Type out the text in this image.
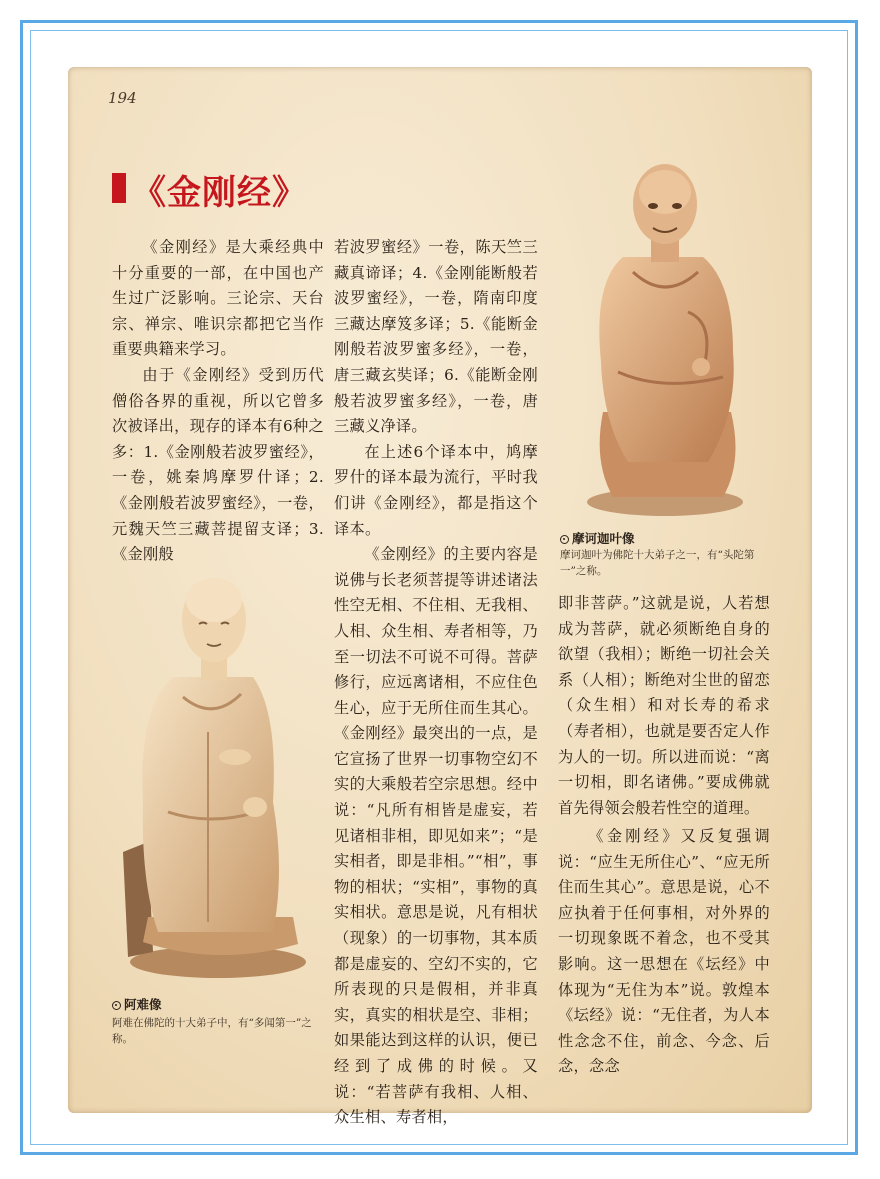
194
《金刚经》

《金刚经》是大乘经典中十分重要的一部，在中国也产生过广泛影响。三论宗、天台宗、禅宗、唯识宗都把它当作重要典籍来学习。

由于《金刚经》受到历代僧俗各界的重视，所以它曾多次被译出，现存的译本有6种之多：1.《金刚般若波罗蜜经》，一卷，姚秦鸠摩罗什译；2.《金刚般若波罗蜜经》，一卷，元魏天竺三藏菩提留支译；3.《金刚般

若波罗蜜经》一卷，陈天竺三藏真谛译；4.《金刚能断般若波罗蜜经》，一卷，隋南印度三藏达摩笈多译；5.《能断金刚般若波罗蜜多经》，一卷，唐三藏玄奘译；6.《能断金刚般若波罗蜜多经》，一卷，唐三藏义净译。

在上述6个译本中，鸠摩罗什的译本最为流行，平时我们讲《金刚经》，都是指这个译本。

《金刚经》的主要内容是说佛与长老须菩提等讲述诸法性空无相、不住相、无我相、人相、众生相、寿者相等，乃至一切法不可说不可得。菩萨修行，应远离诸相，不应住色生心，应于无所住而生其心。《金刚经》最突出的一点，是它宣扬了世界一切事物空幻不实的大乘般若空宗思想。经中说：“凡所有相皆是虚妄，若见诸相非相，即见如来”；“是实相者，即是非相。”“相”，事物的相状；“实相”，事物的真实相状。意思是说，凡有相状（现象）的一切事物，其本质都是虚妄的、空幻不实的，它所表现的只是假相，并非真实，真实的相状是空、非相；如果能达到这样的认识，便已经到了成佛的时候。又说：“若菩萨有我相、人相、众生相、寿者相，

即非菩萨。”这就是说，人若想成为菩萨，就必须断绝自身的欲望（我相）；断绝一切社会关系（人相）；断绝对尘世的留恋（众生相）和对长寿的希求（寿者相），也就是要否定人作为人的一切。所以进而说：“离一切相，即名诸佛。”要成佛就首先得领会般若性空的道理。

《金刚经》又反复强调说：“应生无所住心”、“应无所住而生其心”。意思是说，心不应执着于任何事相，对外界的一切现象既不着念，也不受其影响。这一思想在《坛经》中体现为“无住为本”说。敦煌本《坛经》说：“无住者，为人本性念念不住，前念、今念、后念，念念

摩诃迦叶像
摩诃迦叶为佛陀十大弟子之一，有“头陀第一”之称。
阿难像
阿难在佛陀的十大弟子中，有“多闻第一”之称。
